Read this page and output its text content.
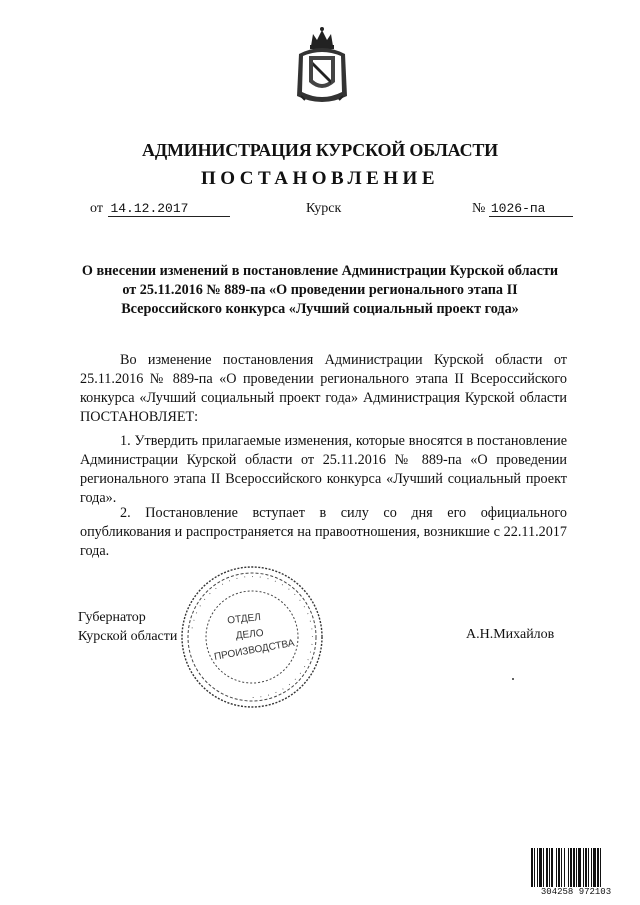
АДМИНИСТРАЦИЯ КУРСКОЙ ОБЛАСТИ
ПОСТАНОВЛЕНИЕ
от 14.12.2017	Курск	№ 1026-па
О внесении изменений в постановление Администрации Курской области от 25.11.2016 № 889-па «О проведении регионального этапа II Всероссийского конкурса «Лучший социальный проект года»
Во изменение постановления Администрации Курской области от 25.11.2016 № 889-па «О проведении регионального этапа II Всероссийского конкурса «Лучший социальный проект года» Администрация Курской области ПОСТАНОВЛЯЕТ:
1. Утвердить прилагаемые изменения, которые вносятся в постановление Администрации Курской области от 25.11.2016 № 889-па «О проведении регионального этапа II Всероссийского конкурса «Лучший социальный проект года».
2. Постановление вступает в силу со дня его официального опубликования и распространяется на правоотношения, возникшие с 22.11.2017 года.
· · · · · · · · · · · · · · · · · · · · · · · · · · · · · · · · · · · ·
ОТДЕЛ
ДЕЛО
ПРОИЗВОДСТВА
Губернатор
Курской области	А.Н.Михайлов
304258 972103
